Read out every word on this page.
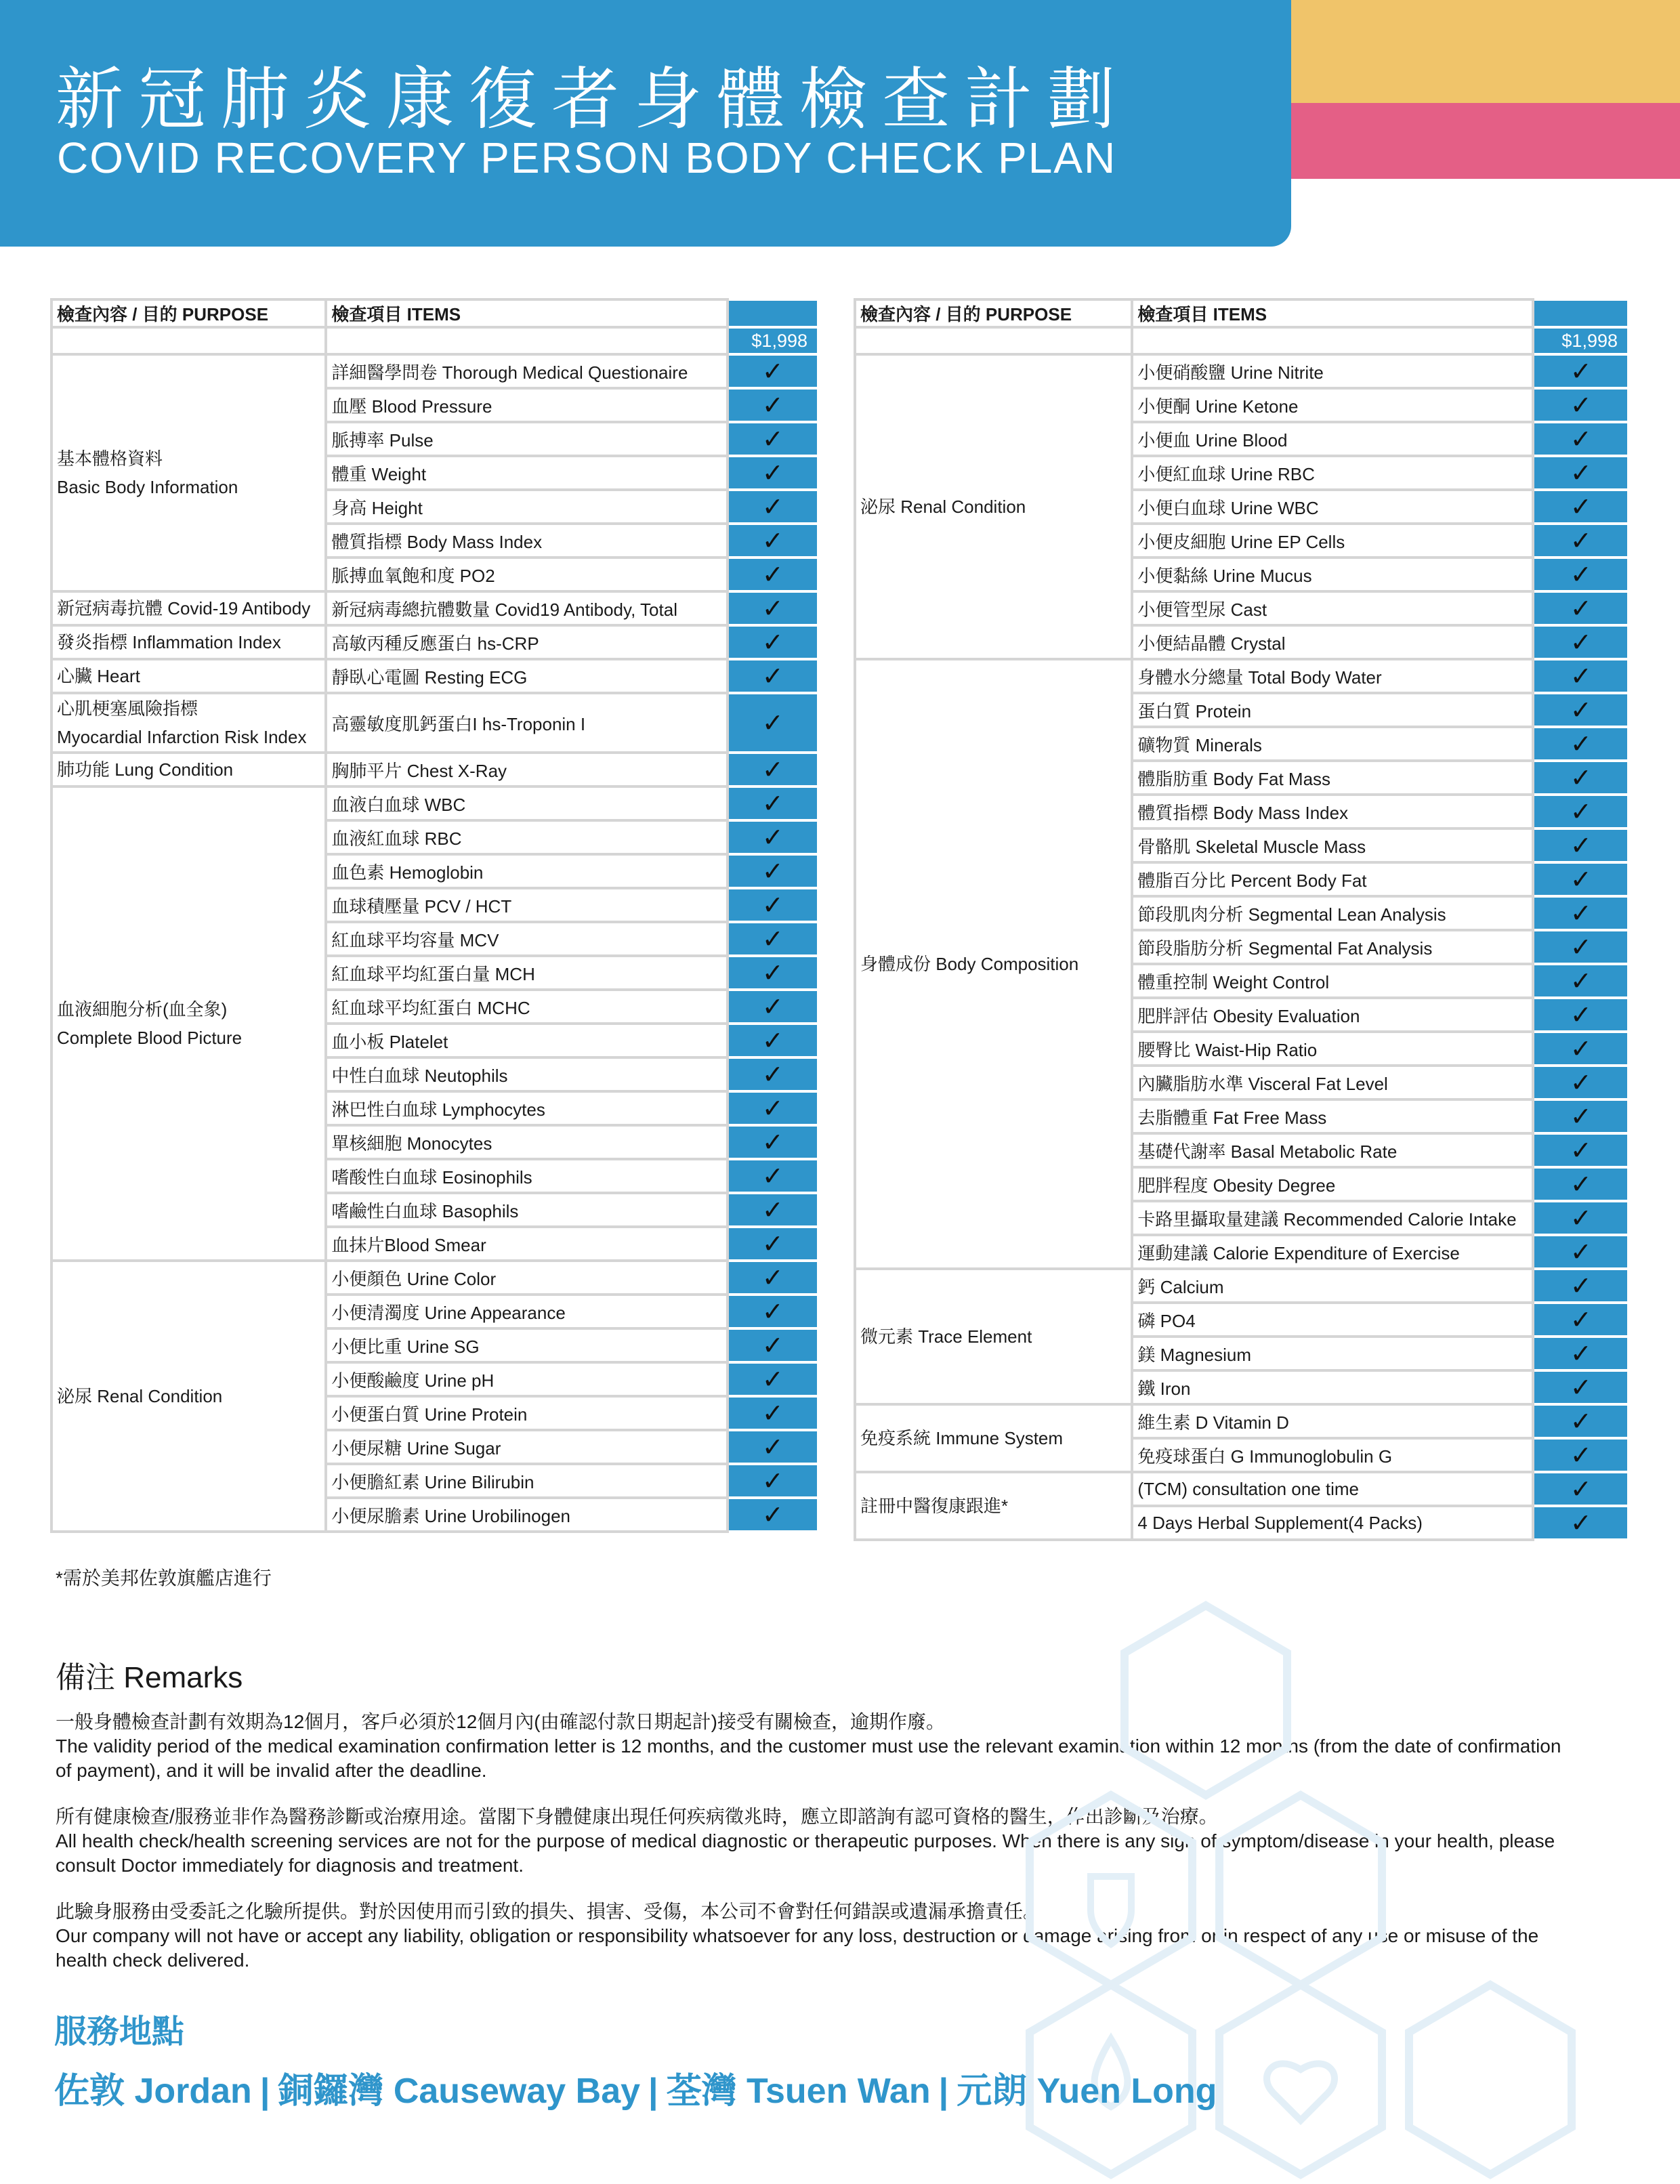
新冠肺炎康復者身體檢查計劃
COVID RECOVERY PERSON BODY CHECK PLAN
檢查內容 / 目的 PURPOSE	檢查項目 ITEMS	
		$1,998
基本體格資料
Basic Body Information	詳細醫學問卷 Thorough Medical Questionaire	✓
	血壓 Blood Pressure	✓
	脈搏率 Pulse	✓
	體重 Weight	✓
	身高 Height	✓
	體質指標 Body Mass Index	✓
	脈搏血氧飽和度 PO2	✓
新冠病毒抗體 Covid-19 Antibody	新冠病毒總抗體數量 Covid19 Antibody, Total	✓
發炎指標 Inflammation Index	高敏丙種反應蛋白 hs-CRP	✓
心臟 Heart	靜臥心電圖 Resting ECG	✓
心肌梗塞風險指標
Myocardial Infarction Risk Index	高靈敏度肌鈣蛋白I hs-Troponin I	✓
肺功能 Lung Condition	胸肺平片 Chest X-Ray	✓
血液細胞分析(血全象)
Complete Blood Picture	血液白血球 WBC	✓
	血液紅血球 RBC	✓
	血色素 Hemoglobin	✓
	血球積壓量 PCV / HCT	✓
	紅血球平均容量 MCV	✓
	紅血球平均紅蛋白量 MCH	✓
	紅血球平均紅蛋白 MCHC	✓
	血小板 Platelet	✓
	中性白血球 Neutophils	✓
	淋巴性白血球 Lymphocytes	✓
	單核細胞 Monocytes	✓
	嗜酸性白血球 Eosinophils	✓
	嗜鹼性白血球 Basophils	✓
	血抹片Blood Smear	✓
泌尿 Renal Condition	小便顏色 Urine Color	✓
	小便清濁度 Urine Appearance	✓
	小便比重 Urine SG	✓
	小便酸鹼度 Urine pH	✓
	小便蛋白質 Urine Protein	✓
	小便尿糖 Urine Sugar	✓
	小便膽紅素 Urine Bilirubin	✓
	小便尿膽素 Urine Urobilinogen	✓
檢查內容 / 目的 PURPOSE	檢查項目 ITEMS	
		$1,998
泌尿 Renal Condition	小便硝酸鹽 Urine Nitrite	✓
	小便酮 Urine Ketone	✓
	小便血 Urine Blood	✓
	小便紅血球 Urine RBC	✓
	小便白血球 Urine WBC	✓
	小便皮細胞 Urine EP Cells	✓
	小便黏絲 Urine Mucus	✓
	小便管型尿 Cast	✓
	小便結晶體 Crystal	✓
身體成份 Body Composition	身體水分總量 Total Body Water	✓
	蛋白質 Protein	✓
	礦物質 Minerals	✓
	體脂肪重 Body Fat Mass	✓
	體質指標 Body Mass Index	✓
	骨骼肌 Skeletal Muscle Mass	✓
	體脂百分比 Percent Body Fat	✓
	節段肌肉分析 Segmental Lean Analysis	✓
	節段脂肪分析 Segmental Fat Analysis	✓
	體重控制 Weight Control	✓
	肥胖評估 Obesity Evaluation	✓
	腰臀比 Waist-Hip Ratio	✓
	內臟脂肪水準 Visceral Fat Level	✓
	去脂體重 Fat Free Mass	✓
	基礎代謝率 Basal Metabolic Rate	✓
	肥胖程度 Obesity Degree	✓
	卡路里攝取量建議 Recommended Calorie Intake	✓
	運動建議 Calorie Expenditure of Exercise	✓
微元素 Trace Element	鈣 Calcium	✓
	磷 PO4	✓
	鎂 Magnesium	✓
	鐵 Iron	✓
免疫系統 Immune System	維生素 D Vitamin D	✓
	免疫球蛋白 G Immunoglobulin G	✓
註冊中醫復康跟進*	(TCM) consultation one time	✓
	4 Days Herbal Supplement(4 Packs)	✓
*需於美邦佐敦旗艦店進行
備注 Remarks
一般身體檢查計劃有效期為12個月，客戶必須於12個月內(由確認付款日期起計)接受有關檢查，逾期作廢。
The validity period of the medical examination confirmation letter is 12 months, and the customer must use the relevant examination within 12 months (from the date of confirmation of payment), and it will be invalid after the deadline.
所有健康檢查/服務並非作為醫務診斷或治療用途。當閣下身體健康出現任何疾病徵兆時，應立即諮詢有認可資格的醫生，作出診斷及治療。
All health check/health screening services are not for the purpose of medical diagnostic or therapeutic purposes. When there is any sign of symptom/disease in your health, please consult Doctor immediately for diagnosis and treatment.
此驗身服務由受委託之化驗所提供。對於因使用而引致的損失、損害、受傷，本公司不會對任何錯誤或遺漏承擔責任。
Our company will not have or accept any liability, obligation or responsibility whatsoever for any loss, destruction or damage arising from or in respect of any use or misuse of the health check delivered.
服務地點
佐敦 Jordan | 銅鑼灣 Causeway Bay | 荃灣 Tsuen Wan | 元朗 Yuen Long
